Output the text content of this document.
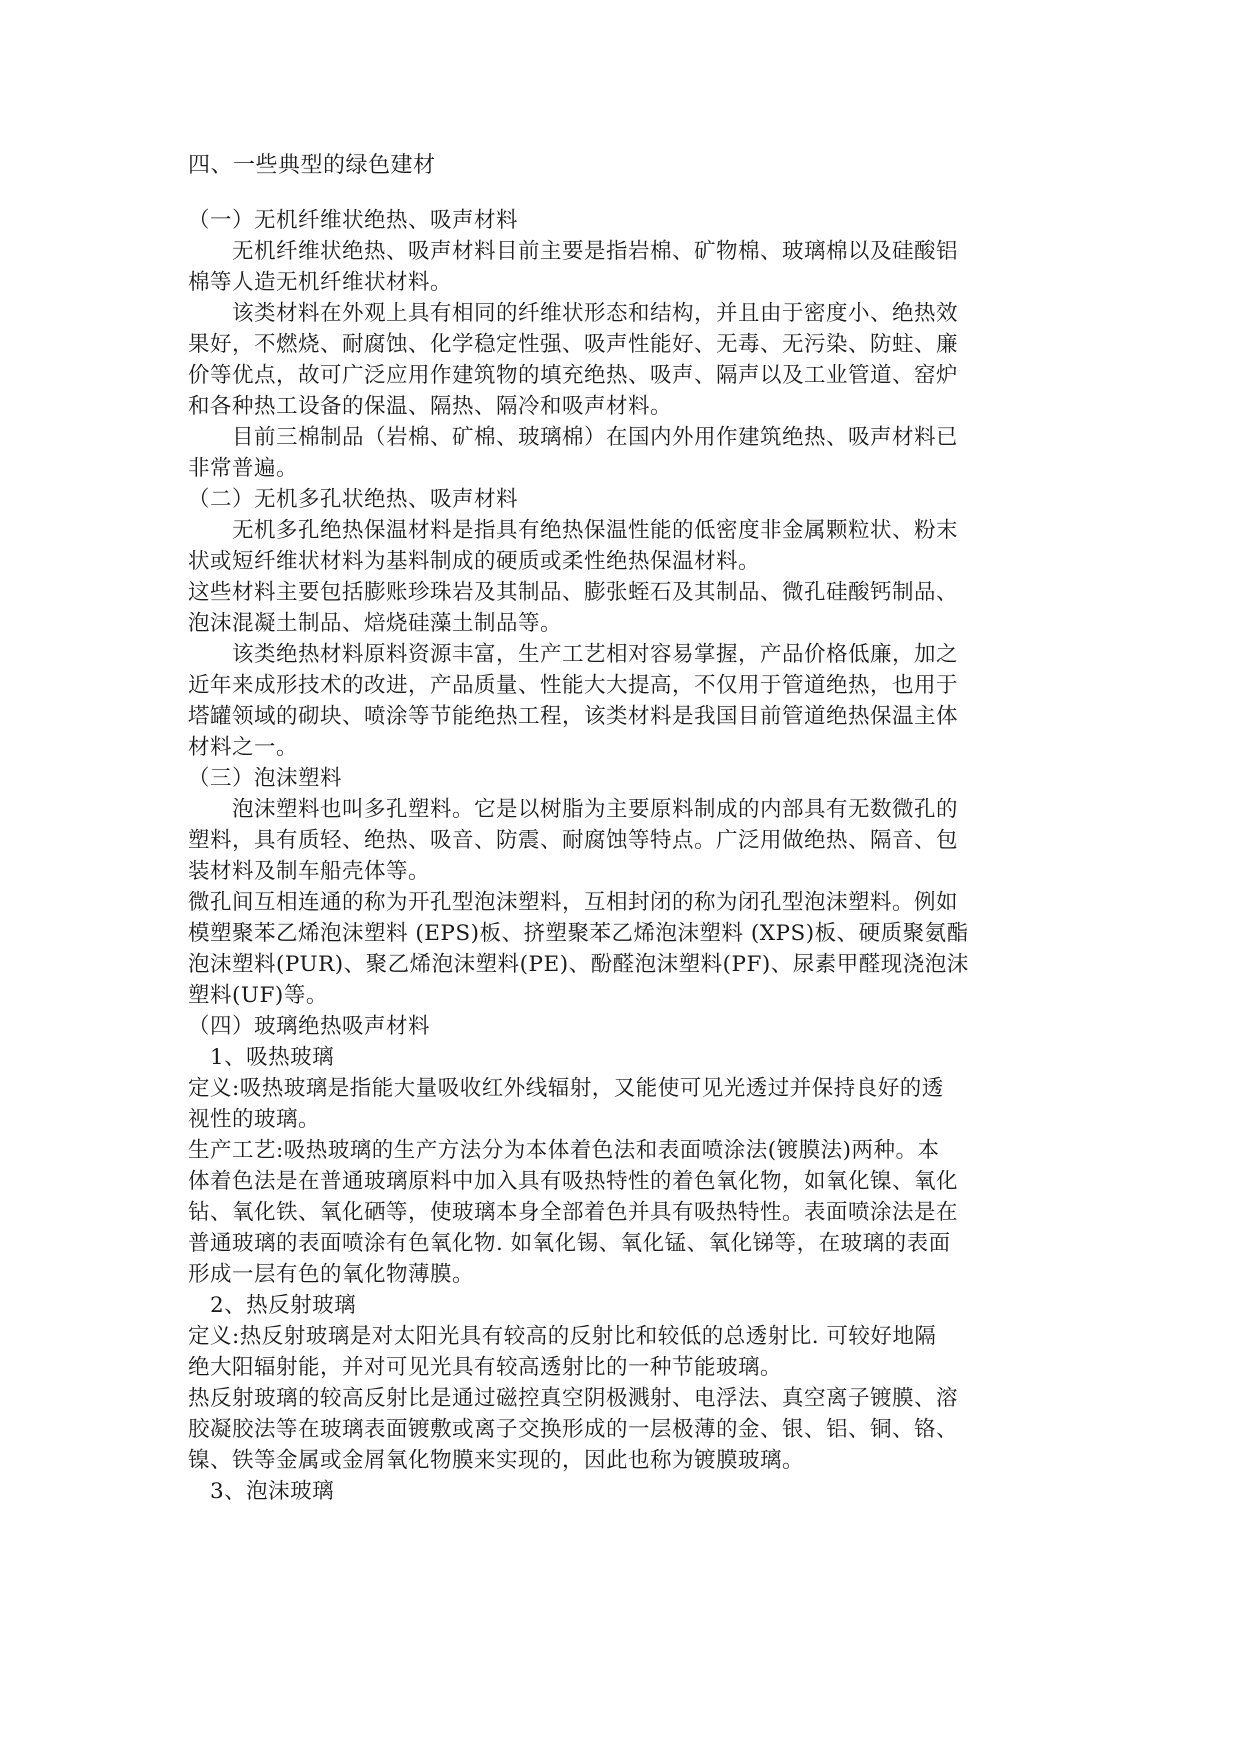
四、一些典型的绿色建材
（一）无机纤维状绝热、吸声材料
无机纤维状绝热、吸声材料目前主要是指岩棉、矿物棉、玻璃棉以及硅酸铝
棉等人造无机纤维状材料。
该类材料在外观上具有相同的纤维状形态和结构，并且由于密度小、绝热效
果好，不燃烧、耐腐蚀、化学稳定性强、吸声性能好、无毒、无污染、防蛀、廉
价等优点，故可广泛应用作建筑物的填充绝热、吸声、隔声以及工业管道、窑炉
和各种热工设备的保温、隔热、隔冷和吸声材料。
目前三棉制品（岩棉、矿棉、玻璃棉）在国内外用作建筑绝热、吸声材料已
非常普遍。
（二）无机多孔状绝热、吸声材料
无机多孔绝热保温材料是指具有绝热保温性能的低密度非金属颗粒状、粉末
状或短纤维状材料为基料制成的硬质或柔性绝热保温材料。
这些材料主要包括膨账珍珠岩及其制品、膨张蛭石及其制品、微孔硅酸钙制品、
泡沫混凝土制品、焙烧硅藻土制品等。
该类绝热材料原料资源丰富，生产工艺相对容易掌握，产品价格低廉，加之
近年来成形技术的改进，产品质量、性能大大提高，不仅用于管道绝热，也用于
塔罐领域的砌块、喷涂等节能绝热工程，该类材料是我国目前管道绝热保温主体
材料之一。
（三）泡沫塑料
泡沫塑料也叫多孔塑料。它是以树脂为主要原料制成的内部具有无数微孔的
塑料，具有质轻、绝热、吸音、防震、耐腐蚀等特点。广泛用做绝热、隔音、包
装材料及制车船壳体等。
微孔间互相连通的称为开孔型泡沫塑料，互相封闭的称为闭孔型泡沫塑料。例如
模塑聚苯乙烯泡沫塑料 (EPS)板、挤塑聚苯乙烯泡沫塑料 (XPS)板、硬质聚氨酯
泡沫塑料(PUR)、聚乙烯泡沫塑料(PE)、酚醛泡沫塑料(PF)、尿素甲醛现浇泡沫
塑料(UF)等。
（四）玻璃绝热吸声材料
1、吸热玻璃
定义:吸热玻璃是指能大量吸收红外线辐射，又能使可见光透过并保持良好的透
视性的玻璃。
生产工艺:吸热玻璃的生产方法分为本体着色法和表面喷涂法(镀膜法)两种。本
体着色法是在普通玻璃原料中加入具有吸热特性的着色氧化物，如氧化镍、氧化
钻、氧化铁、氧化硒等，使玻璃本身全部着色并具有吸热特性。表面喷涂法是在
普通玻璃的表面喷涂有色氧化物. 如氧化锡、氧化锰、氧化锑等，在玻璃的表面
形成一层有色的氧化物薄膜。
2、热反射玻璃
定义:热反射玻璃是对太阳光具有较高的反射比和较低的总透射比. 可较好地隔
绝大阳辐射能，并对可见光具有较高透射比的一种节能玻璃。
热反射玻璃的较高反射比是通过磁控真空阴极溅射、电浮法、真空离子镀膜、溶
胶凝胶法等在玻璃表面镀敷或离子交换形成的一层极薄的金、银、铝、铜、铬、
镍、铁等金属或金屑氧化物膜来实现的，因此也称为镀膜玻璃。
3、泡沫玻璃
